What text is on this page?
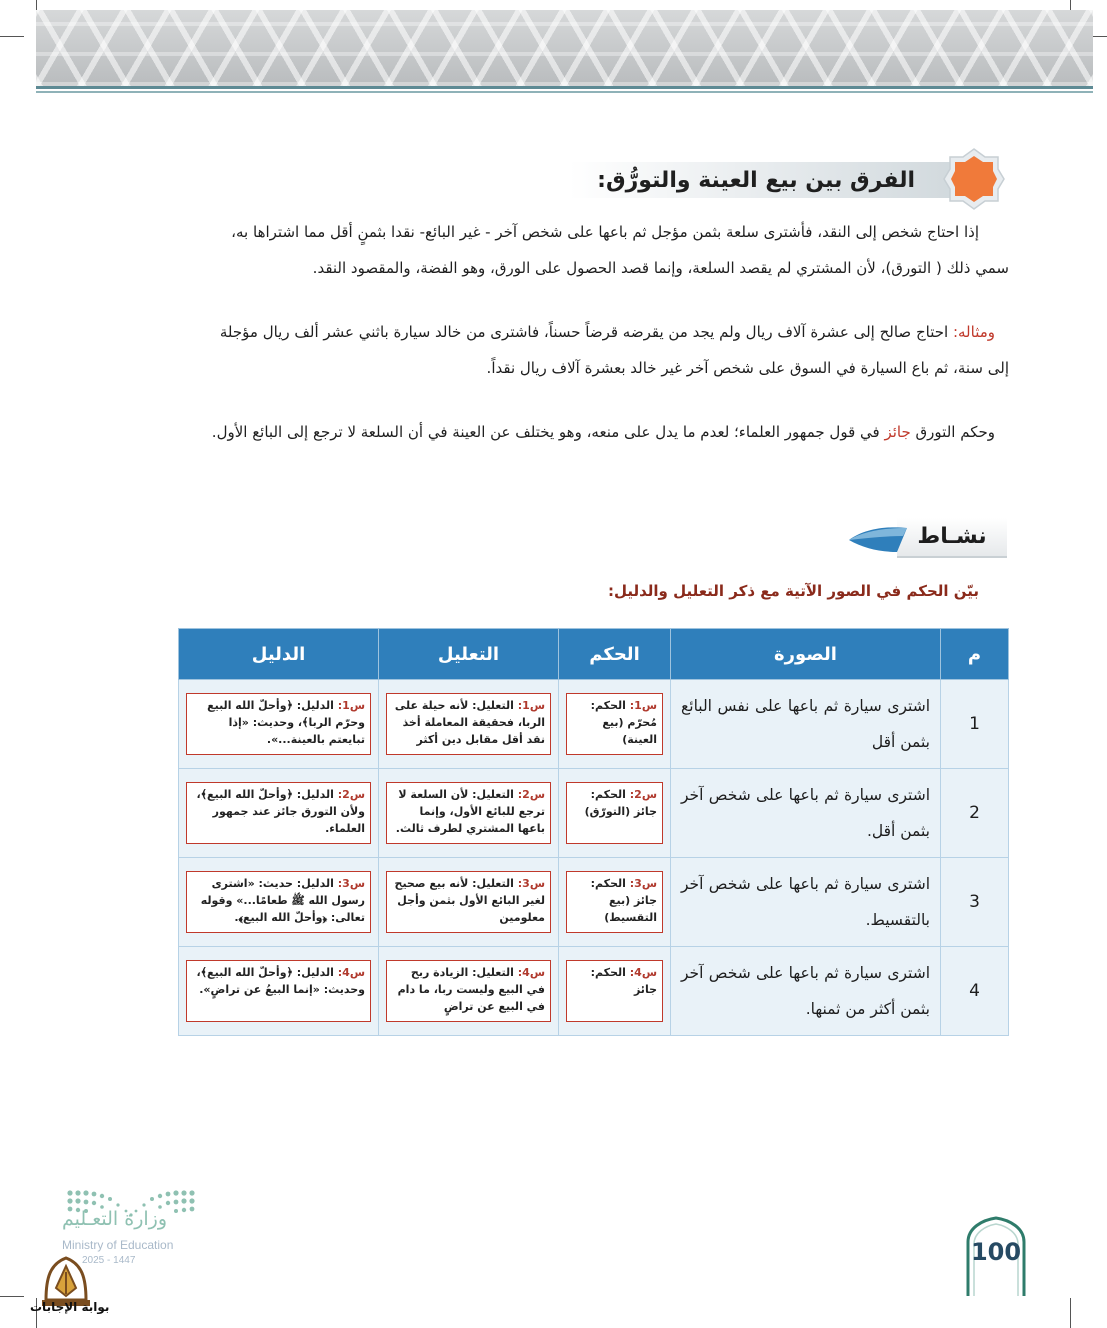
الفرق بين بيع العينة والتورُّق:
إذا احتاج شخص إلى النقد، فأشترى سلعة بثمن مؤجل ثم باعها على شخص آخر - غير البائع- نقدا بثمنٍ أقل مما اشتراها به،
سمي ذلك ( التورق)، لأن المشتري لم يقصد السلعة، وإنما قصد الحصول على الورق، وهو الفضة، والمقصود النقد.
ومثاله: احتاج صالح إلى عشرة آلاف ريال ولم يجد من يقرضه قرضاً حسناً، فاشترى من خالد سيارة باثني عشر ألف ريال مؤجلة
إلى سنة، ثم باع السيارة في السوق على شخص آخر غير خالد بعشرة آلاف ريال نقداً.
وحكم التورق جائز في قول جمهور العلماء؛ لعدم ما يدل على منعه، وهو يختلف عن العينة في أن السلعة لا ترجع إلى البائع الأول.
نشـاط
بيّن الحكم في الصور الآتية مع ذكر التعليل والدليل:
م	الصورة	الحكم	التعليل	الدليل
1	اشترى سيارة ثم باعها على نفس البائع بثمن أقل	س1: الحكم: مُحرّم (بيع العينة)	س1: التعليل: لأنه حيلة على الربا، فحقيقة المعاملة أخذ نقد أقل مقابل دين أكثر	س1: الدليل: ﴿وأحلّ الله البيع وحرّم الربا﴾، وحديث: «إذا تبايعتم بالعينة...».

2	اشترى سيارة ثم باعها على شخص آخر بثمن أقل.	س2: الحكم: جائز (التورّق)	س2: التعليل: لأن السلعة لا ترجع للبائع الأول، وإنما باعها المشتري لطرف ثالث.	س2: الدليل: ﴿وأحلّ الله البيع﴾، ولأن التورق جائز عند جمهور العلماء.

3	اشترى سيارة ثم باعها على شخص آخر بالتقسيط.	س3: الحكم: جائز (بيع التقسيط)	س3: التعليل: لأنه بيع صحيح لغير البائع الأول بثمن وأجل معلومين	س3: الدليل: حديث: «اشترى رسول الله ﷺ طعامًا...» وقوله تعالى: ﴿وأحلّ الله البيع﴾.

4	اشترى سيارة ثم باعها على شخص آخر بثمن أكثر من ثمنها.	س4: الحكم: جائز	س4: التعليل: الزيادة ربح في البيع وليست ربا، ما دام في البيع عن تراضٍ	س4: الدليل: ﴿وأحلّ الله البيع﴾، وحديث: «إنما البيعُ عن تراضٍ».
وزارة التعـليم
Ministry of Education
2025 - 1447
بوابة الإجابات
100
